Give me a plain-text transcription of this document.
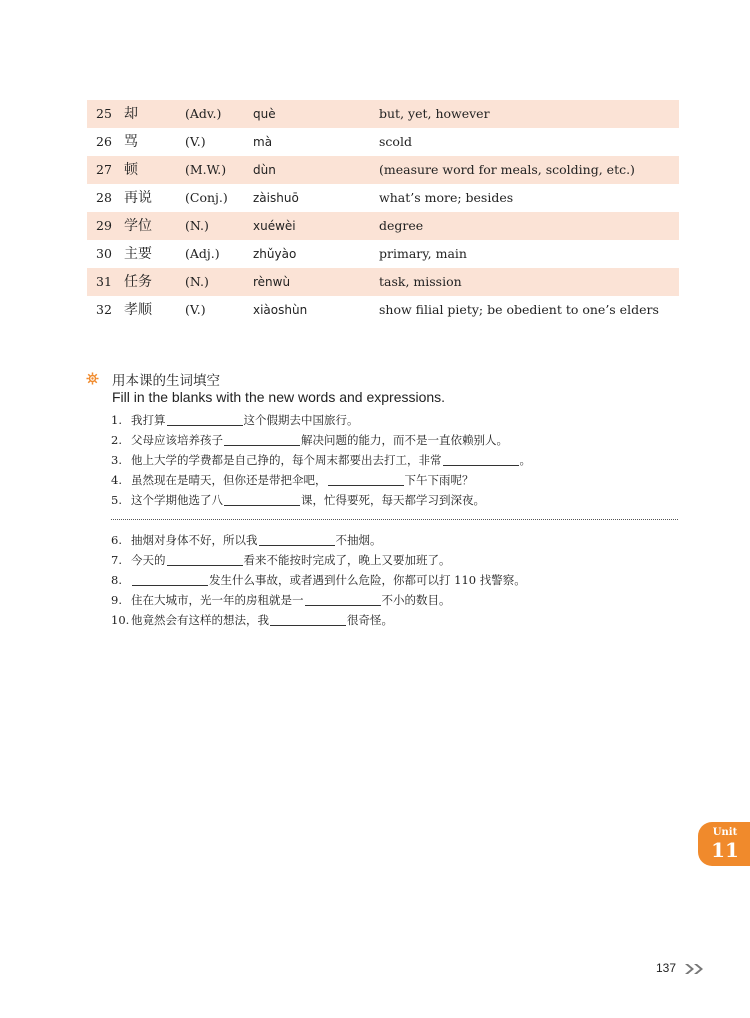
25 却	(Adv.)	què	but, yet, however
26 骂	(V.)	mà	scold
27 顿	(M.W.) dùn	(measure word for meals, scolding, etc.)
28 再说	(Conj.) zàishuō	what’s more; besides
29 学位	(N.)	xuéwèi	degree
30 主要	(Adj.)	zhǔyào	primary, main
31 任务	(N.)	rènwù	task, mission
32 孝顺	(V.)	xiàoshùn	show filial piety; be obedient to one’s elders
用本课的生词填空
Fill in the blanks with the new words and expressions.
1. 我打算	这个假期去中国旅行。
2. 父母应该培养孩子	解决问题的能力，而不是一直依赖别人。
3. 他上大学的学费都是自己挣的，每个周末都要出去打工，非常	。
4. 虽然现在是晴天，但你还是带把伞吧，	下午下雨呢？
5. 这个学期他选了八	课，忙得要死，每天都学习到深夜。
6. 抽烟对身体不好，所以我	不抽烟。
7. 今天的	看来不能按时完成了，晚上又要加班了。
8.	发生什么事故，或者遇到什么危险，你都可以打 110 找警察。
9. 住在大城市，光一年的房租就是一	不小的数目。
10. 他竟然会有这样的想法，我	很奇怪。
Unit
11
137
